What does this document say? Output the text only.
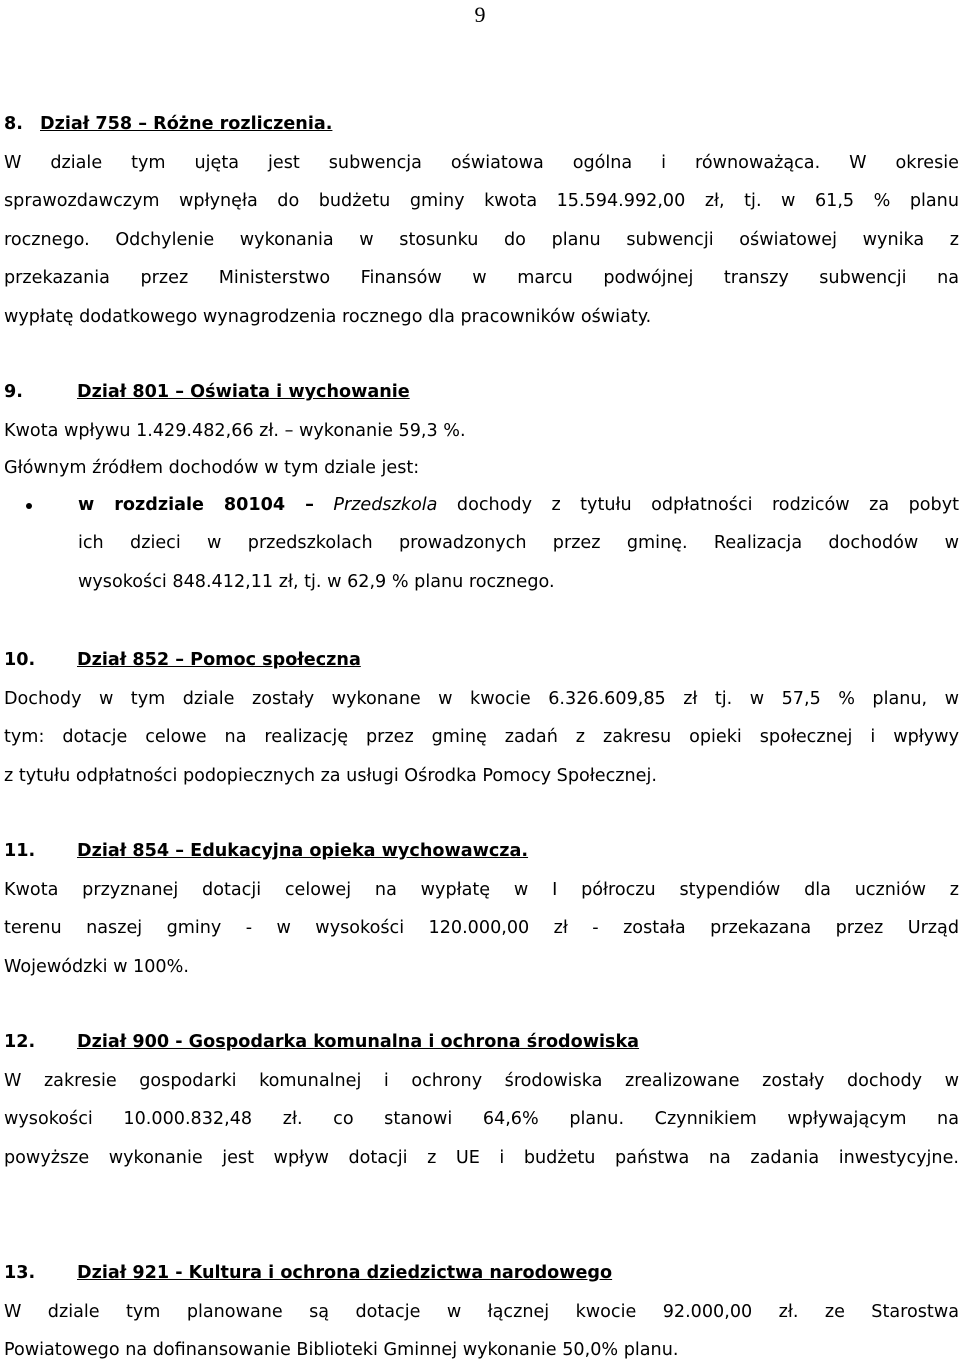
9
8. Dział 758 – Różne rozliczenia.
W dziale tym ujęta jest subwencja oświatowa ogólna i równoważąca. W okresie
sprawozdawczym wpłynęła do budżetu gminy kwota 15.594.992,00 zł, tj. w 61,5 % planu
rocznego. Odchylenie wykonania w stosunku do planu subwencji oświatowej wynika z
przekazania przez Ministerstwo Finansów w marcu podwójnej transzy subwencji na
wypłatę dodatkowego wynagrodzenia rocznego dla pracowników oświaty.
9.	Dział 801 – Oświata i wychowanie
Kwota wpływu 1.429.482,66 zł. – wykonanie 59,3 %.
Głównym źródłem dochodów w tym dziale jest:
w rozdziale 80104 – Przedszkola dochody z tytułu odpłatności rodziców za pobyt
ich dzieci w przedszkolach prowadzonych przez gminę. Realizacja dochodów w
wysokości 848.412,11 zł, tj. w 62,9 % planu rocznego.
10. Dział 852 – Pomoc społeczna
Dochody w tym dziale zostały wykonane w kwocie 6.326.609,85 zł tj. w 57,5 % planu, w
tym: dotacje celowe na realizację przez gminę zadań z zakresu opieki społecznej i wpływy
z tytułu odpłatności podopiecznych za usługi Ośrodka Pomocy Społecznej.
11. Dział 854 – Edukacyjna opieka wychowawcza.
Kwota przyznanej dotacji celowej na wypłatę w I półroczu stypendiów dla uczniów z
terenu naszej gminy - w wysokości 120.000,00 zł - została przekazana przez Urząd
Wojewódzki w 100%.
12. Dział 900 - Gospodarka komunalna i ochrona środowiska
W zakresie gospodarki komunalnej i ochrony środowiska zrealizowane zostały dochody w
wysokości 10.000.832,48 zł. co stanowi 64,6% planu. Czynnikiem wpływającym na
powyższe wykonanie jest wpływ dotacji z UE i budżetu państwa na zadania inwestycyjne.
13. Dział 921 - Kultura i ochrona dziedzictwa narodowego
W dziale tym planowane są dotacje w łącznej kwocie 92.000,00 zł. ze Starostwa
Powiatowego na dofinansowanie Biblioteki Gminnej wykonanie 50,0% planu.
